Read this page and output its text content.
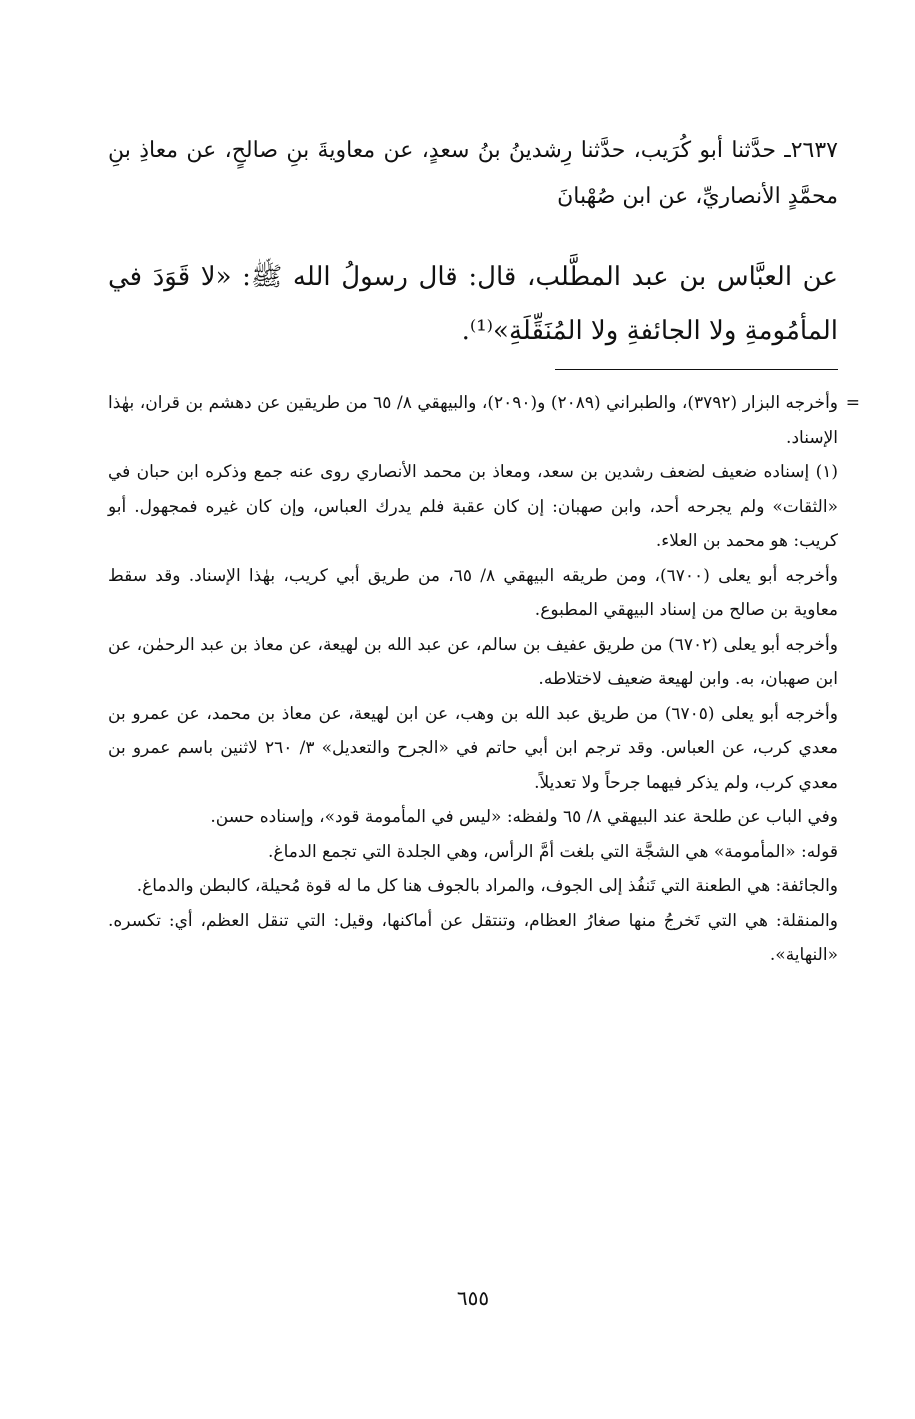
٢٦٣٧ـ حدَّثنا أبو كُرَيب، حدَّثنا رِشدينُ بنُ سعدٍ، عن معاويةَ بنِ صالحٍ، عن معاذِ بنِ محمَّدٍ الأنصاريِّ، عن ابن صُهْبانَ
عن العبَّاس بن عبد المطَّلب، قال: قال رسولُ الله ﷺ: «لا قَوَدَ في المأمُومةِ ولا الجائفةِ ولا المُنَقِّلَةِ»⁽¹⁾.

=
وأخرجه البزار (٣٧٩٢)، والطبراني (٢٠٨٩) و(٢٠٩٠)، والبيهقي ٨/ ٦٥ من طريقين عن دهشم بن قران، بهٰذا الإسناد.

(١) إسناده ضعيف لضعف رشدين بن سعد، ومعاذ بن محمد الأنصاري روى عنه جمع وذكره ابن حبان في «الثقات» ولم يجرحه أحد، وابن صهبان: إن كان عقبة فلم يدرك العباس، وإن كان غيره فمجهول. أبو كريب: هو محمد بن العلاء.

وأخرجه أبو يعلى (٦٧٠٠)، ومن طريقه البيهقي ٨/ ٦٥، من طريق أبي كريب، بهٰذا الإسناد. وقد سقط معاوية بن صالح من إسناد البيهقي المطبوع.

وأخرجه أبو يعلى (٦٧٠٢) من طريق عفيف بن سالم، عن عبد الله بن لهيعة، عن معاذ بن عبد الرحمٰن، عن ابن صهبان، به. وابن لهيعة ضعيف لاختلاطه.

وأخرجه أبو يعلى (٦٧٠٥) من طريق عبد الله بن وهب، عن ابن لهيعة، عن معاذ بن محمد، عن عمرو بن معدي كرب، عن العباس. وقد ترجم ابن أبي حاتم في «الجرح والتعديل» ٣/ ٢٦٠ لاثنين باسم عمرو بن معدي كرب، ولم يذكر فيهما جرحاً ولا تعديلاً.

وفي الباب عن طلحة عند البيهقي ٨/ ٦٥ ولفظه: «ليس في المأمومة قود»، وإسناده حسن.

قوله: «المأمومة» هي الشجَّة التي بلغت أمَّ الرأس، وهي الجلدة التي تجمع الدماغ.

والجائفة: هي الطعنة التي تَنفُذ إلى الجوف، والمراد بالجوف هنا كل ما له قوة مُحيلة، كالبطن والدماغ.

والمنقلة: هي التي تَخرجُ منها صغارُ العظام، وتنتقل عن أماكنها، وقيل: التي تنقل العظم، أي: تكسره. «النهاية».

٦٥٥
